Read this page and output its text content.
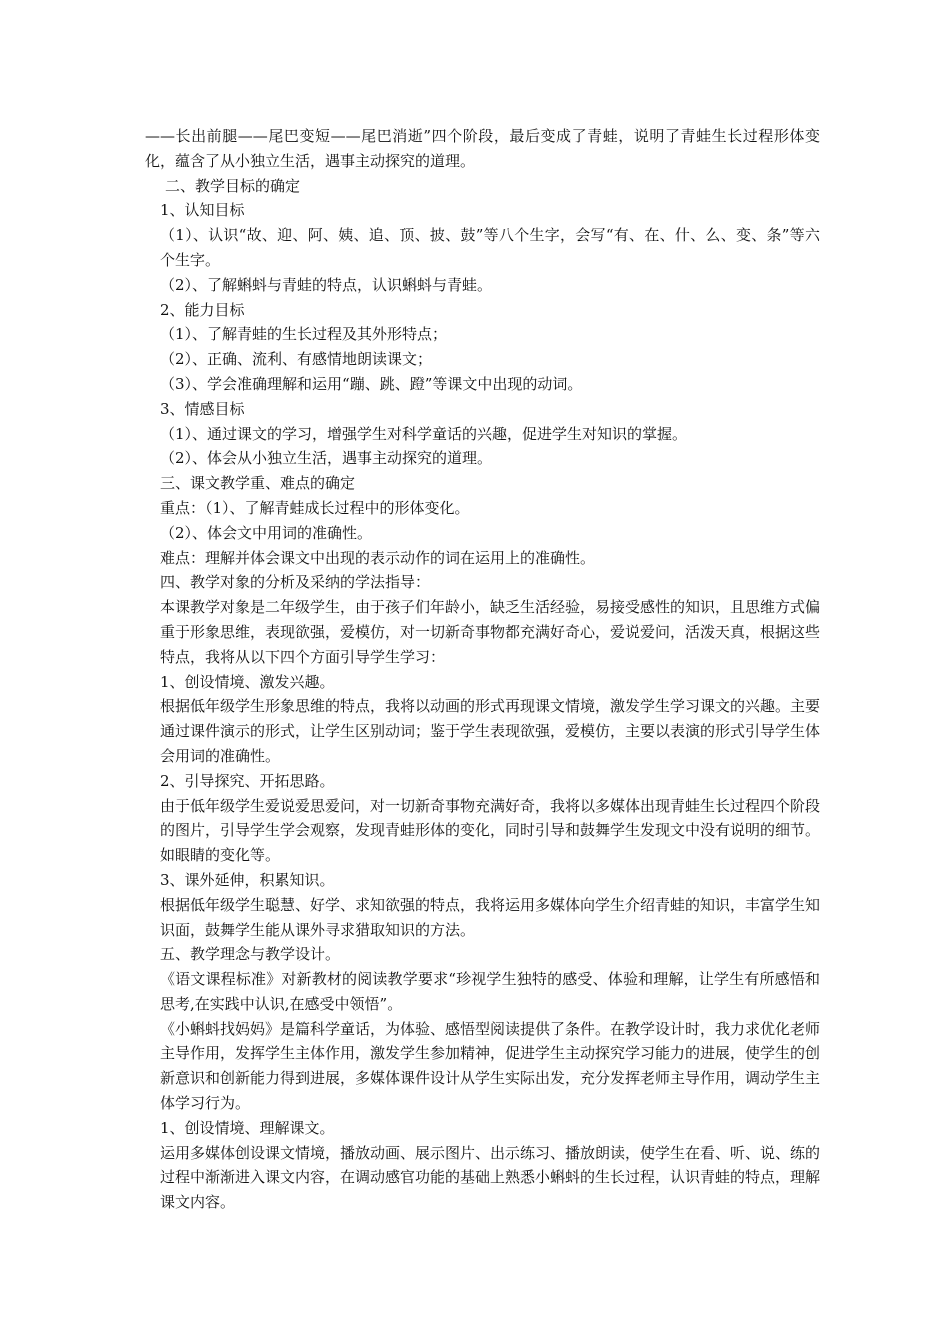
——长出前腿——尾巴变短——尾巴消逝”四个阶段，最后变成了青蛙，说明了青蛙生长过程形体变化，蕴含了从小独立生活，遇事主动探究的道理。

二、教学目标的确定

1、认知目标

（1）、认识“故、迎、阿、姨、追、顶、披、鼓”等八个生字，会写“有、在、什、么、变、条”等六个生字。

（2）、了解蝌蚪与青蛙的特点，认识蝌蚪与青蛙。

2、能力目标

（1）、了解青蛙的生长过程及其外形特点；

（2）、正确、流利、有感情地朗读课文；

（3）、学会准确理解和运用“蹦、跳、蹬”等课文中出现的动词。

3、情感目标

（1）、通过课文的学习，增强学生对科学童话的兴趣，促进学生对知识的掌握。

（2）、体会从小独立生活，遇事主动探究的道理。

三、课文教学重、难点的确定

重点：（1）、了解青蛙成长过程中的形体变化。

（2）、体会文中用词的准确性。

难点：理解并体会课文中出现的表示动作的词在运用上的准确性。

四、教学对象的分析及采纳的学法指导：

本课教学对象是二年级学生，由于孩子们年龄小，缺乏生活经验，易接受感性的知识，且思维方式偏重于形象思维，表现欲强，爱模仿，对一切新奇事物都充满好奇心，爱说爱问，活泼天真，根据这些特点，我将从以下四个方面引导学生学习：

1、创设情境、激发兴趣。

根据低年级学生形象思维的特点，我将以动画的形式再现课文情境，激发学生学习课文的兴趣。主要通过课件演示的形式，让学生区别动词；鉴于学生表现欲强，爱模仿，主要以表演的形式引导学生体会用词的准确性。

2、引导探究、开拓思路。

由于低年级学生爱说爱思爱问，对一切新奇事物充满好奇，我将以多媒体出现青蛙生长过程四个阶段的图片，引导学生学会观察，发现青蛙形体的变化，同时引导和鼓舞学生发现文中没有说明的细节。如眼睛的变化等。

3、课外延伸，积累知识。

根据低年级学生聪慧、好学、求知欲强的特点，我将运用多媒体向学生介绍青蛙的知识，丰富学生知识面，鼓舞学生能从课外寻求猎取知识的方法。

五、教学理念与教学设计。

《语文课程标准》对新教材的阅读教学要求“珍视学生独特的感受、体验和理解，让学生有所感悟和思考,在实践中认识,在感受中领悟”。

《小蝌蚪找妈妈》是篇科学童话，为体验、感悟型阅读提供了条件。在教学设计时，我力求优化老师主导作用，发挥学生主体作用，激发学生参加精神，促进学生主动探究学习能力的进展，使学生的创新意识和创新能力得到进展，多媒体课件设计从学生实际出发，充分发挥老师主导作用，调动学生主体学习行为。

1、创设情境、理解课文。

运用多媒体创设课文情境，播放动画、展示图片、出示练习、播放朗读，使学生在看、听、说、练的过程中渐渐进入课文内容，在调动感官功能的基础上熟悉小蝌蚪的生长过程，认识青蛙的特点，理解课文内容。
